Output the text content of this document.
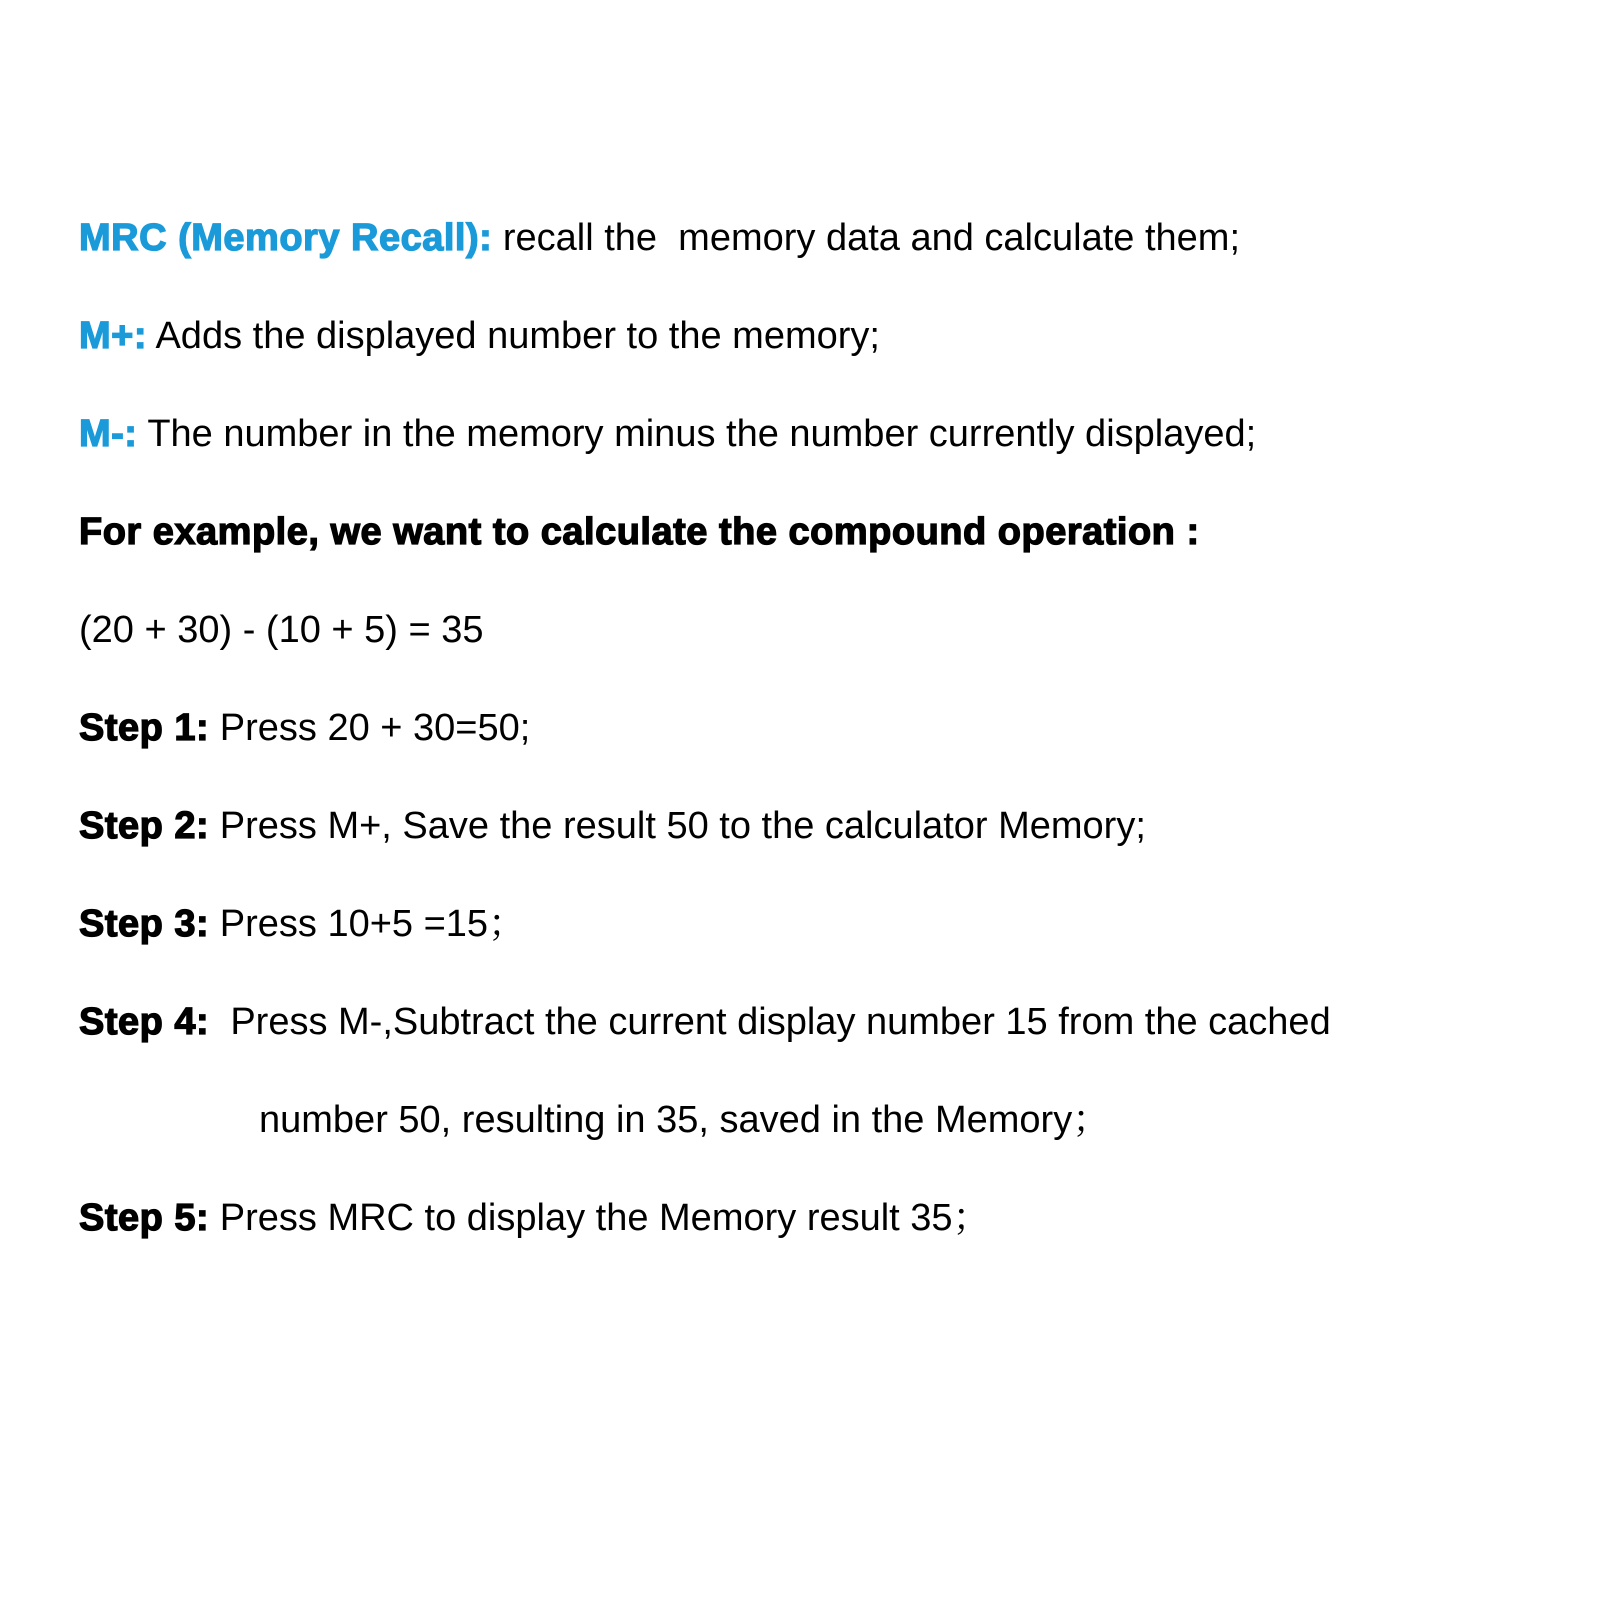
MRC (Memory Recall): recall the  memory data and calculate them;
M+: Adds the displayed number to the memory;
M-: The number in the memory minus the number currently displayed;
For example, we want to calculate the compound operation :
(20 + 30) - (10 + 5) = 35
Step 1: Press 20 + 30=50;
Step 2: Press M+, Save the result 50 to the calculator Memory;
Step 3: Press 10+5 =15；
Step 4:  Press M-,Subtract the current display number 15 from the cached
number 50, resulting in 35, saved in the Memory；
Step 5: Press MRC to display the Memory result 35；
